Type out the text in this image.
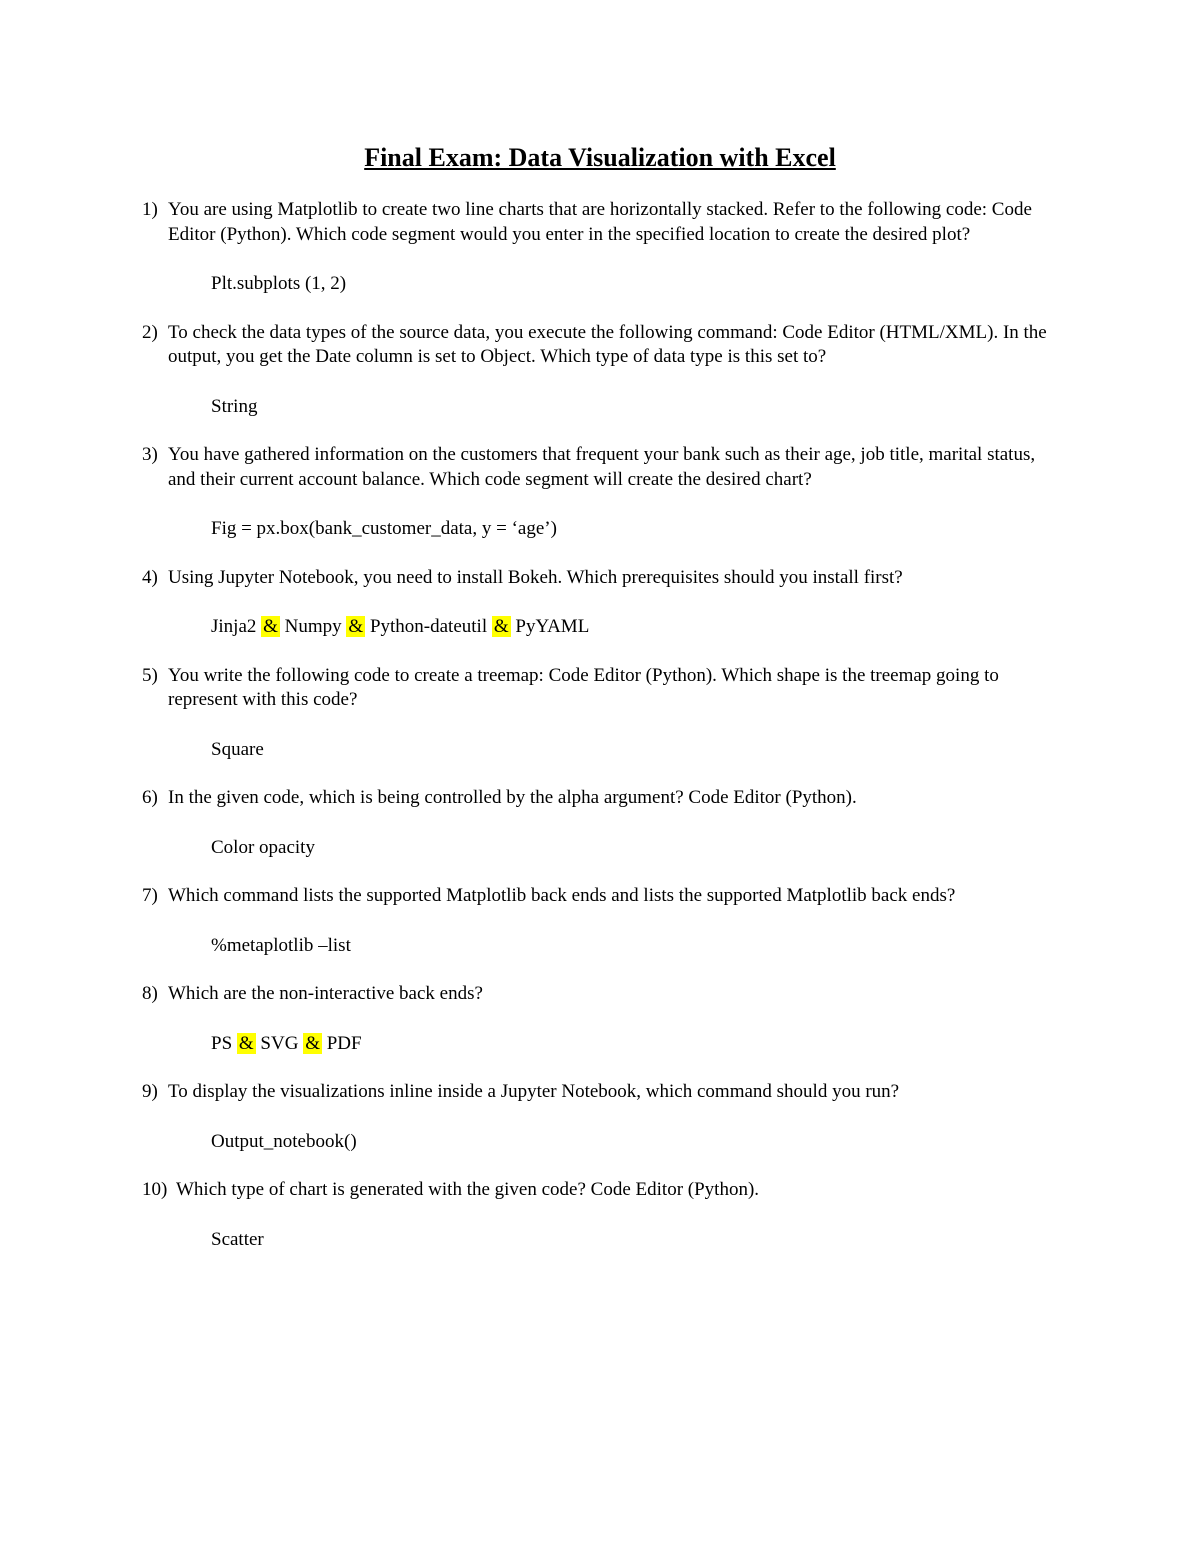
Final Exam: Data Visualization with Excel
1) You are using Matplotlib to create two line charts that are horizontally stacked. Refer to the following code: Code Editor (Python). Which code segment would you enter in the specified location to create the desired plot?

Plt.subplots (1, 2)

2) To check the data types of the source data, you execute the following command: Code Editor (HTML/XML). In the output, you get the Date column is set to Object. Which type of data type is this set to?

String

3) You have gathered information on the customers that frequent your bank such as their age, job title, marital status, and their current account balance. Which code segment will create the desired chart?

Fig = px.box(bank_customer_data, y = ‘age’)

4) Using Jupyter Notebook, you need to install Bokeh. Which prerequisites should you install first?

Jinja2 & Numpy & Python-dateutil & PyYAML

5) You write the following code to create a treemap: Code Editor (Python). Which shape is the treemap going to represent with this code?

Square

6) In the given code, which is being controlled by the alpha argument? Code Editor (Python).

Color opacity

7) Which command lists the supported Matplotlib back ends and lists the supported Matplotlib back ends?

%metaplotlib –list

8) Which are the non-interactive back ends?

PS & SVG & PDF

9) To display the visualizations inline inside a Jupyter Notebook, which command should you run?

Output_notebook()

10) Which type of chart is generated with the given code? Code Editor (Python).

Scatter
